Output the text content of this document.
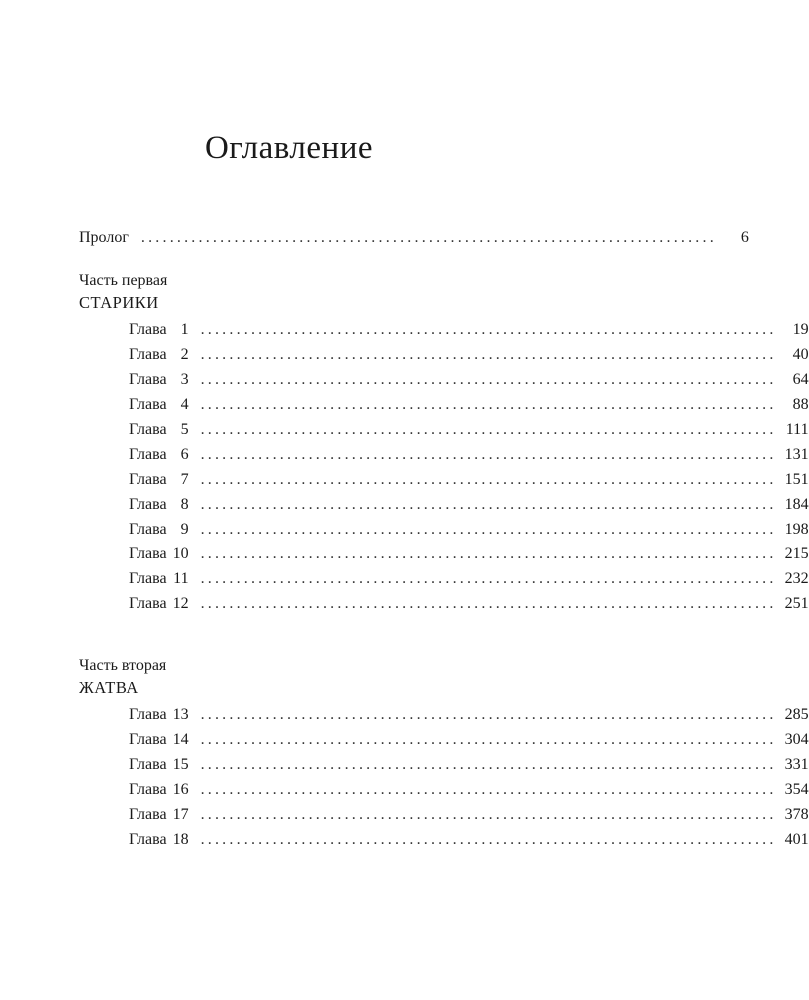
Оглавление
Пролог ................................................................................	6
Часть первая
СТАРИКИ
Глава 1 ................................................................................	19
Глава 2 ................................................................................	40
Глава 3 ................................................................................	64
Глава 4 ................................................................................	88
Глава 5 ................................................................................ 111
Глава 6 ................................................................................ 131
Глава 7 ................................................................................ 151
Глава 8 ................................................................................ 184
Глава 9 ................................................................................ 198
Глава 10 ................................................................................ 215
Глава 11 ................................................................................ 232
Глава 12 ................................................................................ 251
Часть вторая
ЖАТВА
Глава 13 ................................................................................ 285
Глава 14 ................................................................................ 304
Глава 15 ................................................................................ 331
Глава 16 ................................................................................ 354
Глава 17 ................................................................................ 378
Глава 18 ................................................................................ 401
